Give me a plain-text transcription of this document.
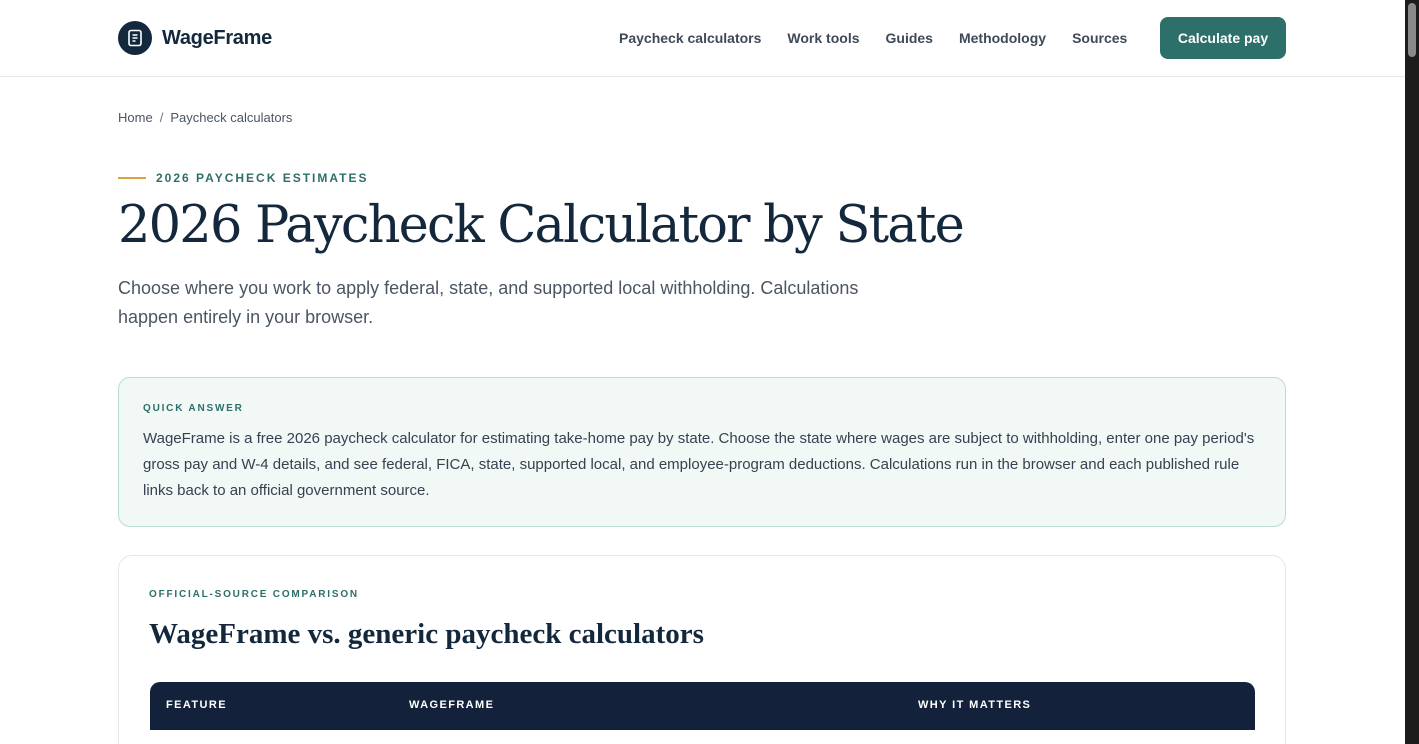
WageFrame	Paycheck calculators Work tools Guides Methodology Sources	Calculate pay
Home / Paycheck calculators
2026 PAYCHECK ESTIMATES
2026 Paycheck Calculator by State

Choose where you work to apply federal, state, and supported local withholding. Calculations happen entirely in your browser.

QUICK ANSWER

WageFrame is a free 2026 paycheck calculator for estimating take-home pay by state. Choose the state where wages are subject to withholding, enter one pay period's gross pay and W-4 details, and see federal, FICA, state, supported local, and employee-program deductions. Calculations run in the browser and each published rule links back to an official government source.

OFFICIAL-SOURCE COMPARISON
WageFrame vs. generic paycheck calculators
FEATURE	WAGEFRAME	WHY IT MATTERS
